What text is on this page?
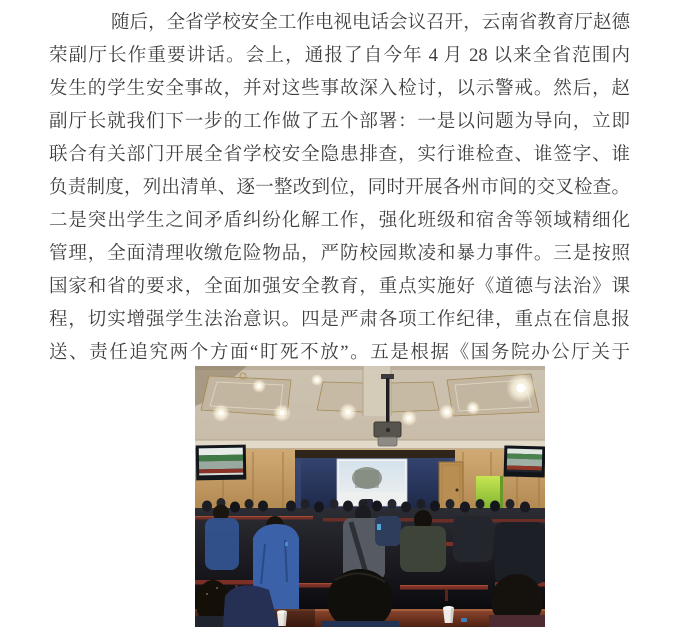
随后，全省学校安全工作电视电话会议召开，云南省教育厅赵德
荣副厅长作重要讲话。会上，通报了自今年 4 月 28 以来全省范围内
发生的学生安全事故，并对这些事故深入检讨，以示警戒。然后，赵
副厅长就我们下一步的工作做了五个部署：一是以问题为导向，立即
联合有关部门开展全省学校安全隐患排查，实行谁检查、谁签字、谁
负责制度，列出清单、逐一整改到位，同时开展各州市间的交叉检查。
二是突出学生之间矛盾纠纷化解工作，强化班级和宿舍等领域精细化
管理，全面清理收缴危险物品，严防校园欺凌和暴力事件。三是按照
国家和省的要求，全面加强安全教育，重点实施好《道德与法治》课
程，切实增强学生法治意识。四是严肃各项工作纪律，重点在信息报
送、责任追究两个方面“盯死不放”。五是根据《国务院办公厅关于
